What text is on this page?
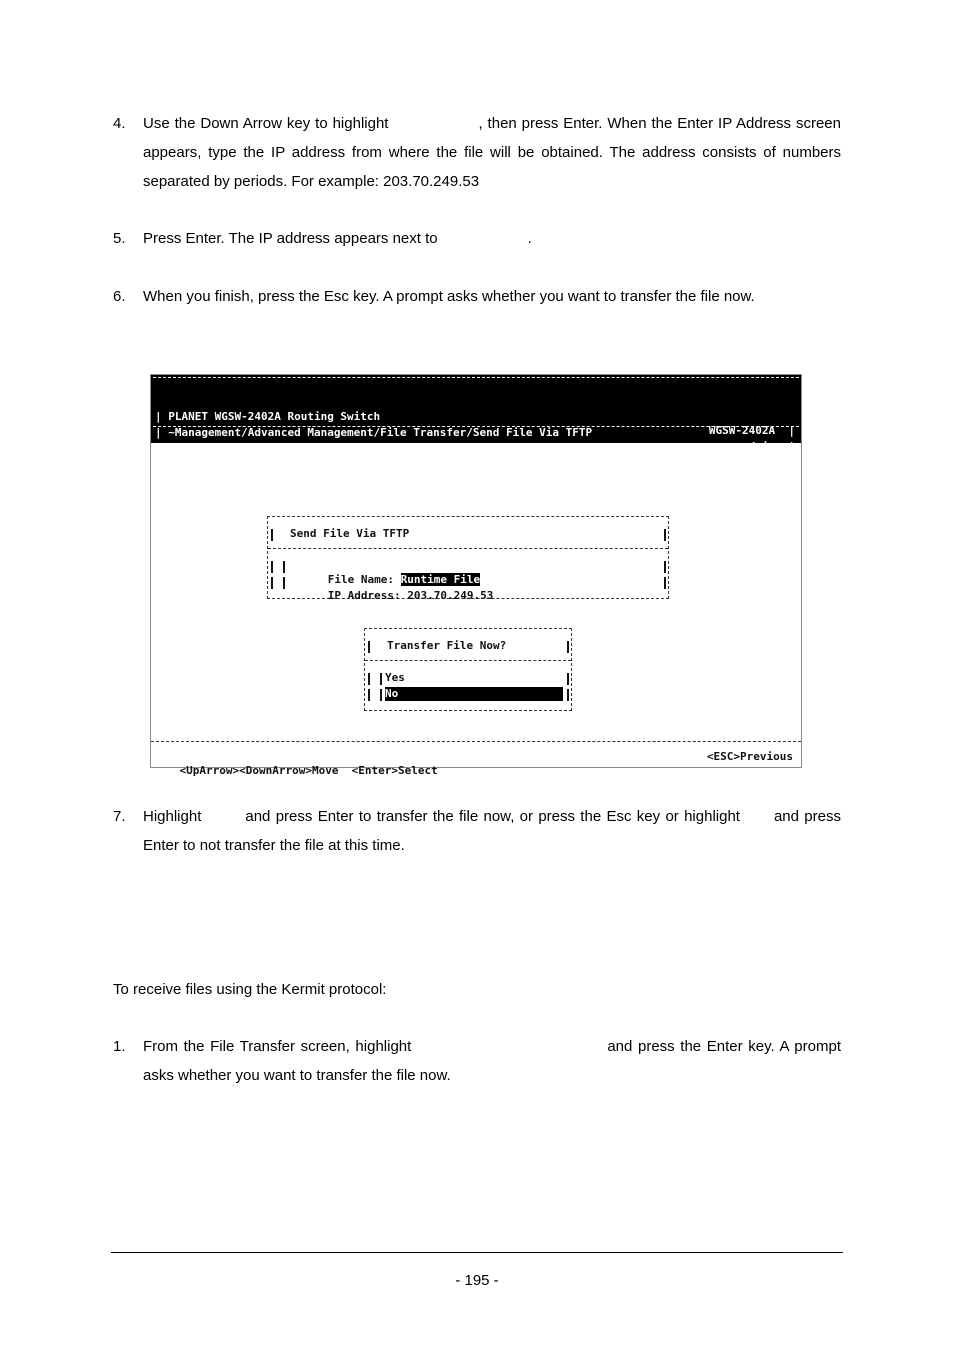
4. Use the Down Arrow key to highlight	, then press Enter. When the Enter IP Address screen appears, type the IP address from where the file will be obtained. The address consists of numbers separated by periods. For example: 203.70.249.53
5. Press Enter. The IP address appears next to	.
6. When you finish, press the Esc key. A prompt asks whether you want to transfer the file now.

| PLANET WGSW-2402A Routing Switch

WGSW-2402A  |

| ~Management/Advanced Management/File Transfer/Send File Via TFTP

admin  |

Send File Via TFTP

File Name: Runtime File

IP Address: 203.70.249.53

Transfer File Now?
Yes
No

<UpArrow><DownArrow>Move  <Enter>Select

<ESC>Previous

7. Highlight	and press Enter to transfer the file now, or press the Esc key or highlight and press Enter to not transfer the file at this time.
To receive files using the Kermit protocol:
1. From the File Transfer screen, highlight	and press the Enter key. A prompt asks whether you want to transfer the file now.
- 195 -
